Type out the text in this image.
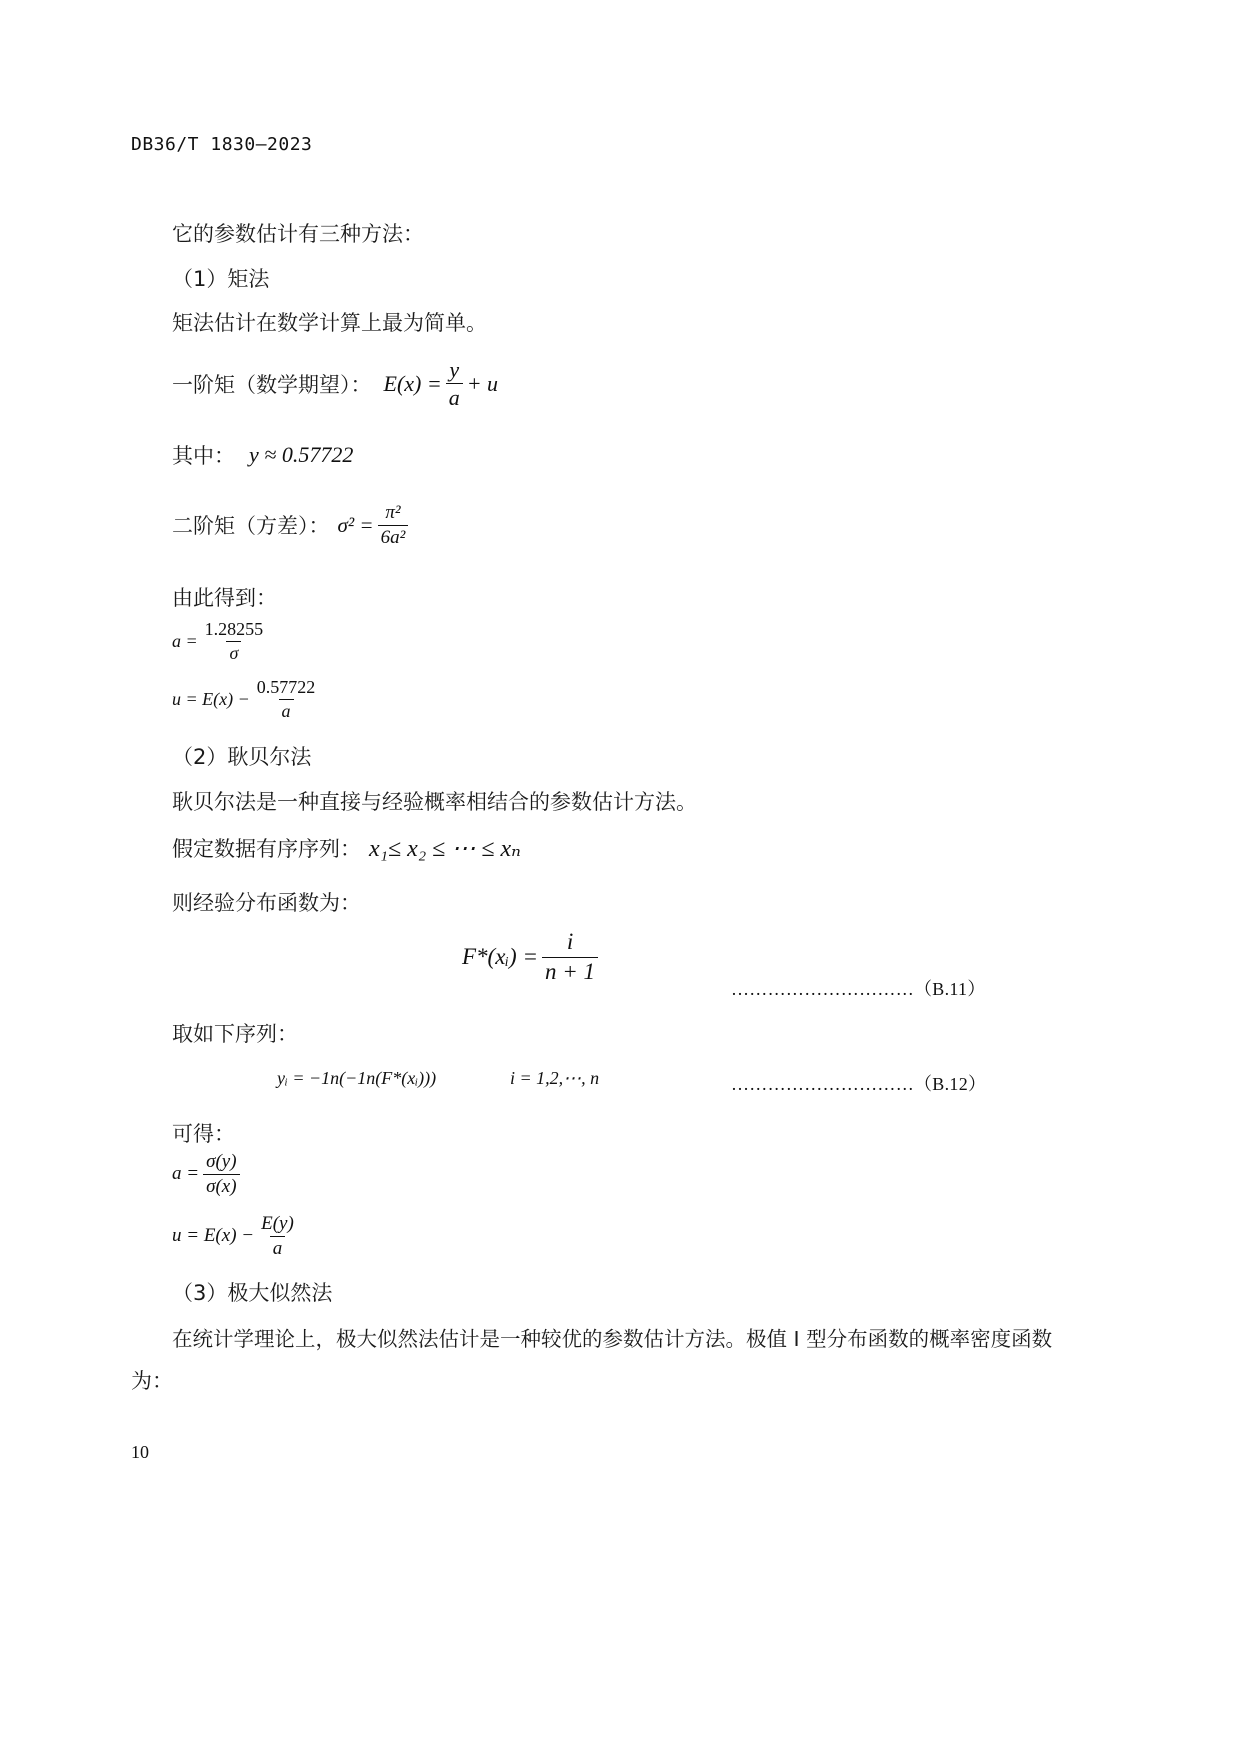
DB36/T 1830—2023
它的参数估计有三种方法：
（1）矩法
矩法估计在数学计算上最为简单。
一阶矩（数学期望）： $E(x) = \frac{y}{a} + u$
其中： y ≈ 0.57722
二阶矩（方差）： $\sigma^2 = \frac{\text{π²}}{\text{6a²}}$
由此得到：
$a = \frac{1.28255}{\sigma}$
$u = E(x) - \frac{0.57722}{a}$
（2）耿贝尔法
耿贝尔法是一种直接与经验概率相结合的参数估计方法。
假定数据有序序列： x₁≤ x₂ ≤ ⋯ ≤ xₙ
则经验分布函数为：
F*(xᵢ) = $\frac{i}{n + 1}$
…………………………（B.11）
取如下序列：
yᵢ = −1n(−1n(F*(xᵢ)))	i = 1,2,⋯, n	…………………………（B.12）
可得：
$a = \frac{\sigma(y)}{\sigma(x)}$
$u = E(x) - \frac{E(y)}{a}$
（3）极大似然法
在统计学理论上，极大似然法估计是一种较优的参数估计方法。极值 I 型分布函数的概率密度函数
为：
10
